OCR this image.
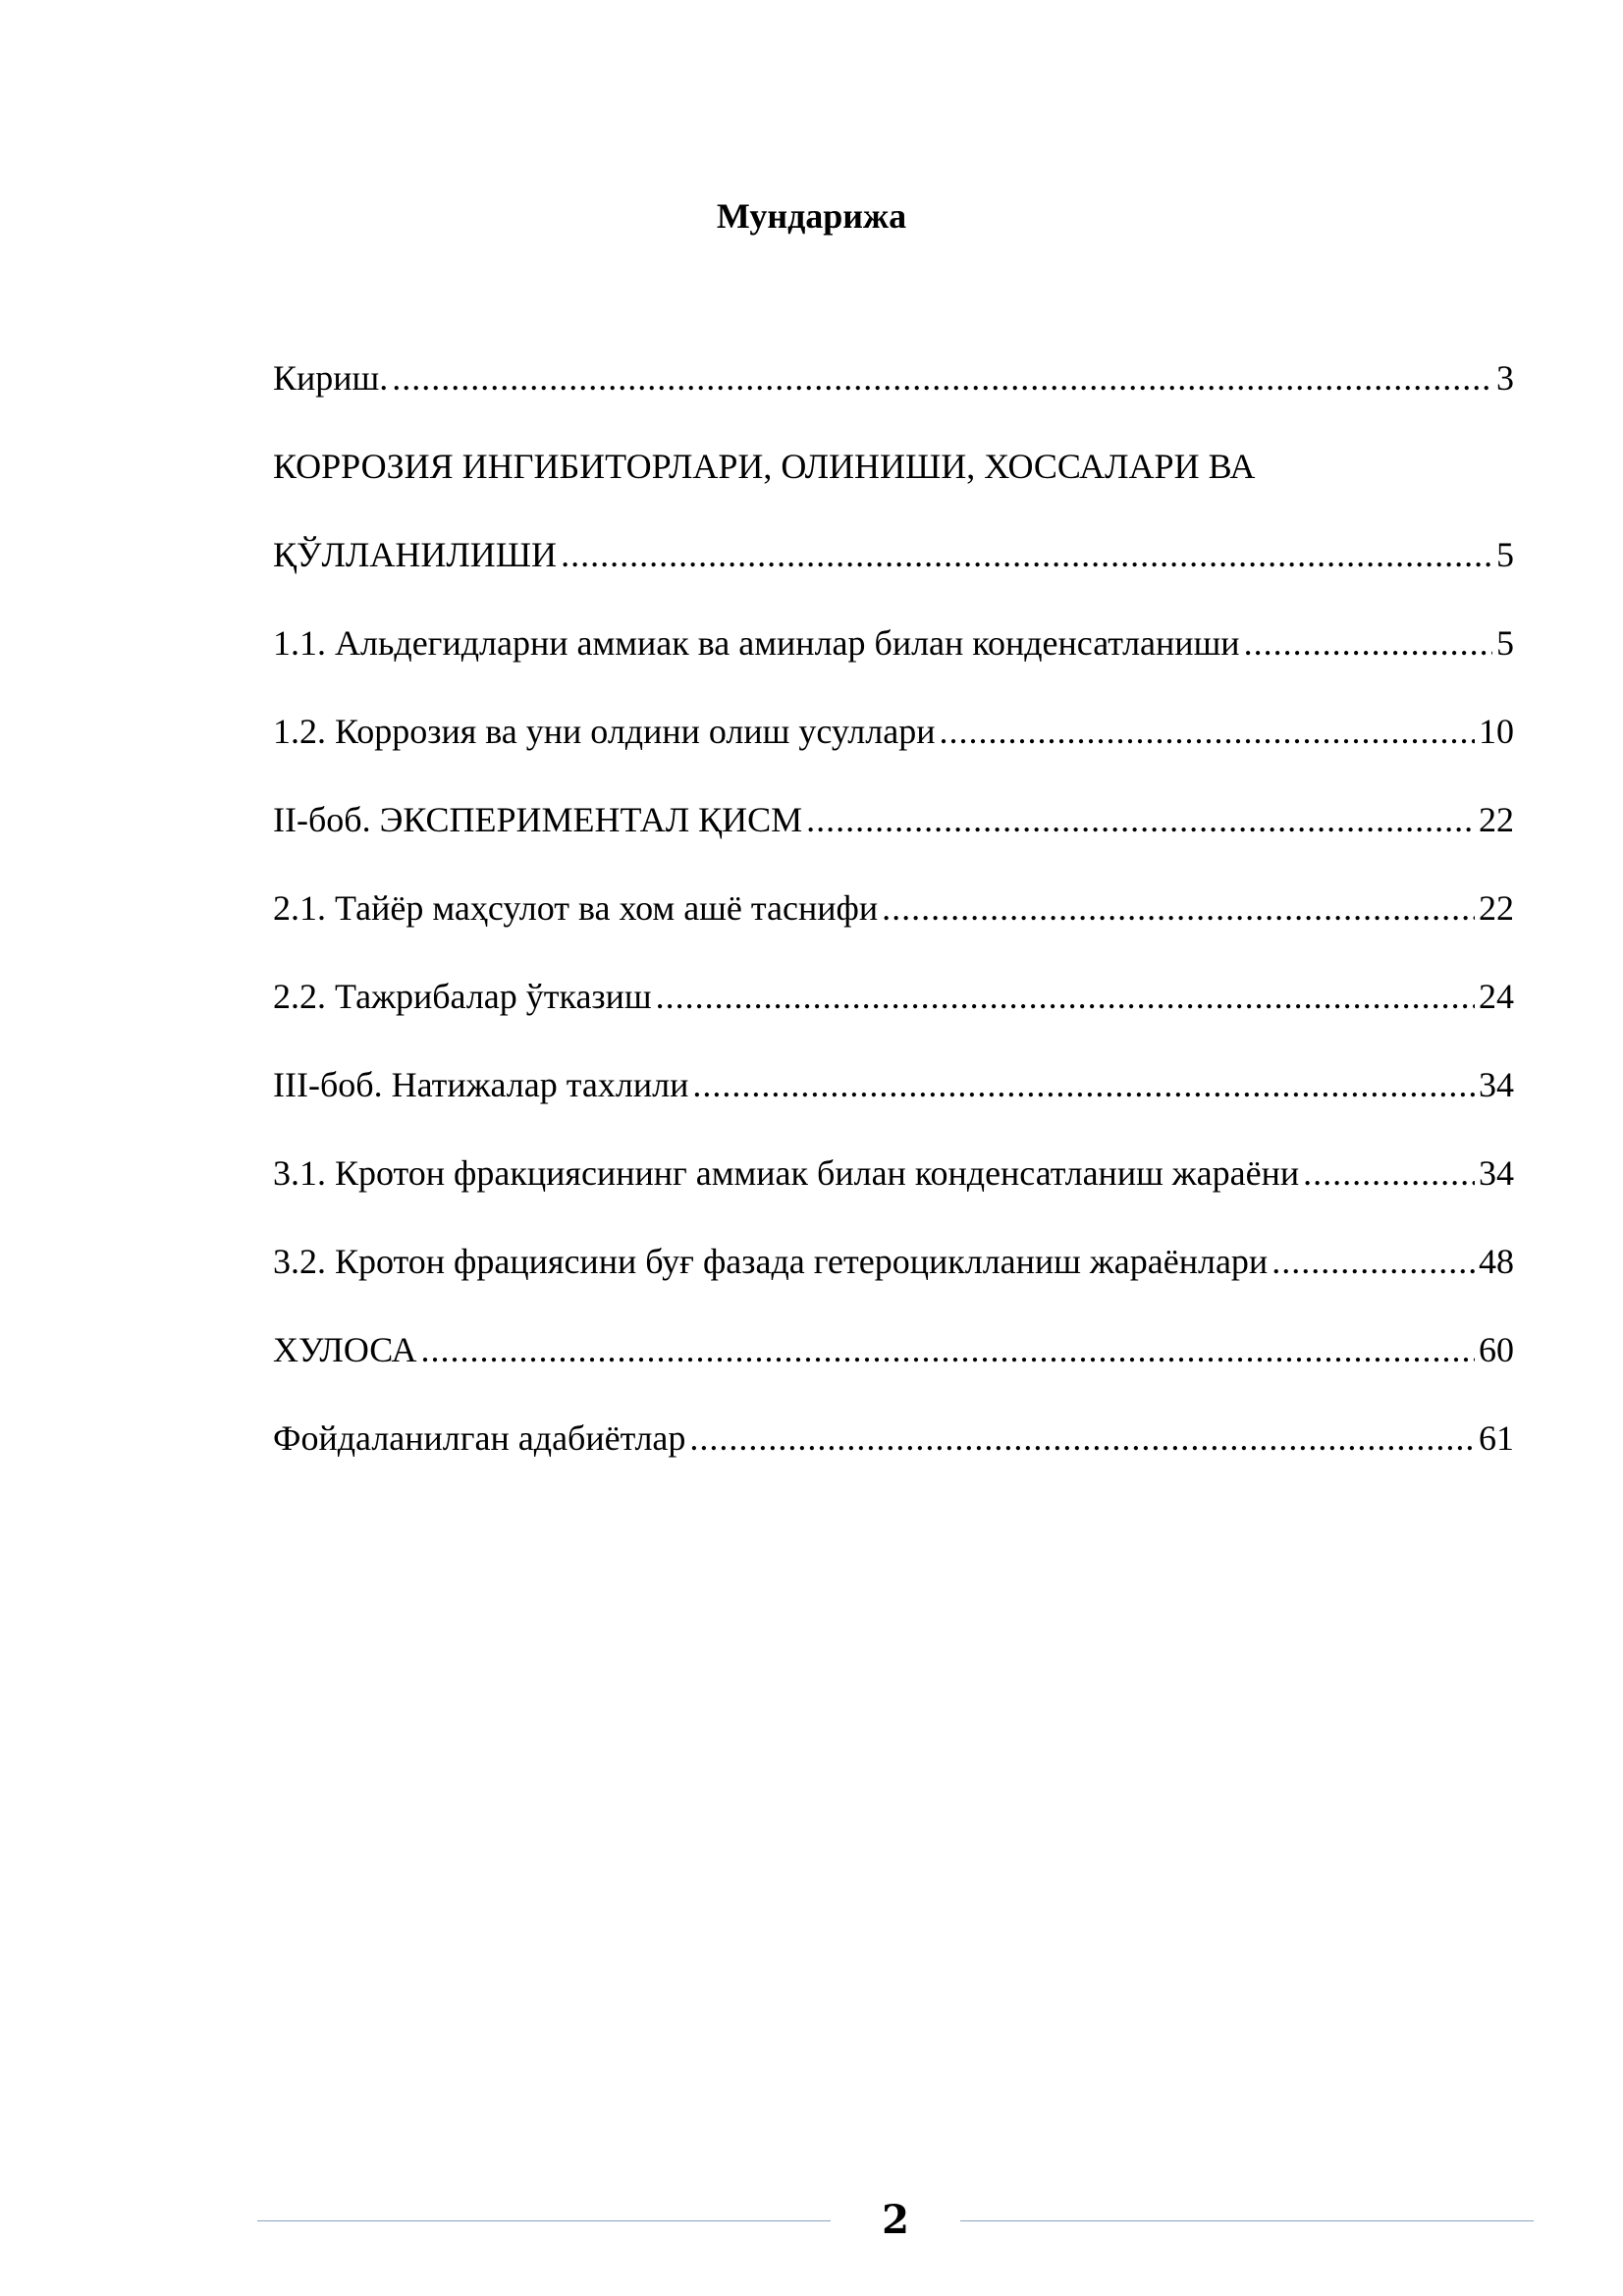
Мундарижа
Кириш. .....	3
КОРРОЗИЯ ИНГИБИТОРЛАРИ, ОЛИНИШИ, ХОССАЛАРИ ВА
ҚЎЛЛАНИЛИШИ .....	5
1.1. Альдегидларни аммиак ва аминлар билан конденсатланиши .....	5
1.2. Коррозия ва уни олдини олиш усуллари .....	10
II-боб. ЭКСПЕРИМЕНТАЛ ҚИСМ .....	22
2.1. Тайёр маҳсулот ва хом ашё таснифи .....	22
2.2. Тажрибалар ўтказиш .....	24
III-боб. Натижалар тахлили .....	34
3.1. Кротон фракциясининг аммиак билан конденсатланиш жараёни .....	34
3.2. Кротон фрациясини буғ фазада гетероциклланиш жараёнлари .....	48
ХУЛОСА .....	60
Фойдаланилган адабиётлар .....	61
2
